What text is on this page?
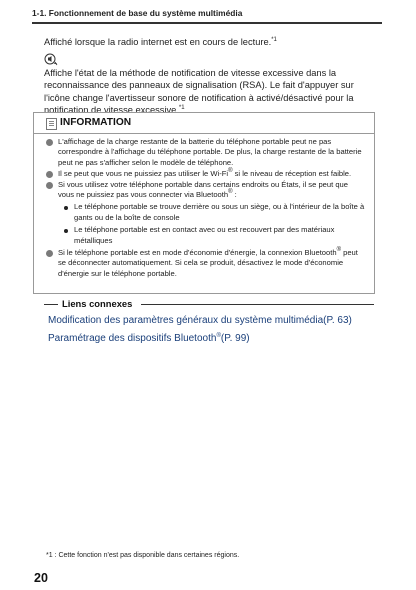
1-1. Fonctionnement de base du système multimédia
Affiché lorsque la radio internet est en cours de lecture.$^{*1}$
Affiche l'état de la méthode de notification de vitesse excessive dans la reconnaissance des panneaux de signalisation (RSA). Le fait d'appuyer sur l'icône change l'avertisseur sonore de notification à activé/désactivé pour la notification de vitesse excessive.$^{*1}$
INFORMATION
L'affichage de la charge restante de la batterie du téléphone portable peut ne pas correspondre à l'affichage du téléphone portable. De plus, la charge restante de la batterie peut ne pas s'afficher selon le modèle de téléphone.
Il se peut que vous ne puissiez pas utiliser le Wi-Fi® si le niveau de réception est faible.
Si vous utilisez votre téléphone portable dans certains endroits ou États, il se peut que vous ne puissiez pas vous connecter via Bluetooth® :
Le téléphone portable se trouve derrière ou sous un siège, ou à l'intérieur de la boîte à gants ou de la boîte de console
Le téléphone portable est en contact avec ou est recouvert par des matériaux métalliques
Si le téléphone portable est en mode d'économie d'énergie, la connexion Bluetooth® peut se déconnecter automatiquement. Si cela se produit, désactivez le mode d'économie d'énergie sur le téléphone portable.
Liens connexes
Modification des paramètres généraux du système multimédia(P. 63)
Paramétrage des dispositifs Bluetooth®(P. 99)
*1 : Cette fonction n'est pas disponible dans certaines régions.
20
